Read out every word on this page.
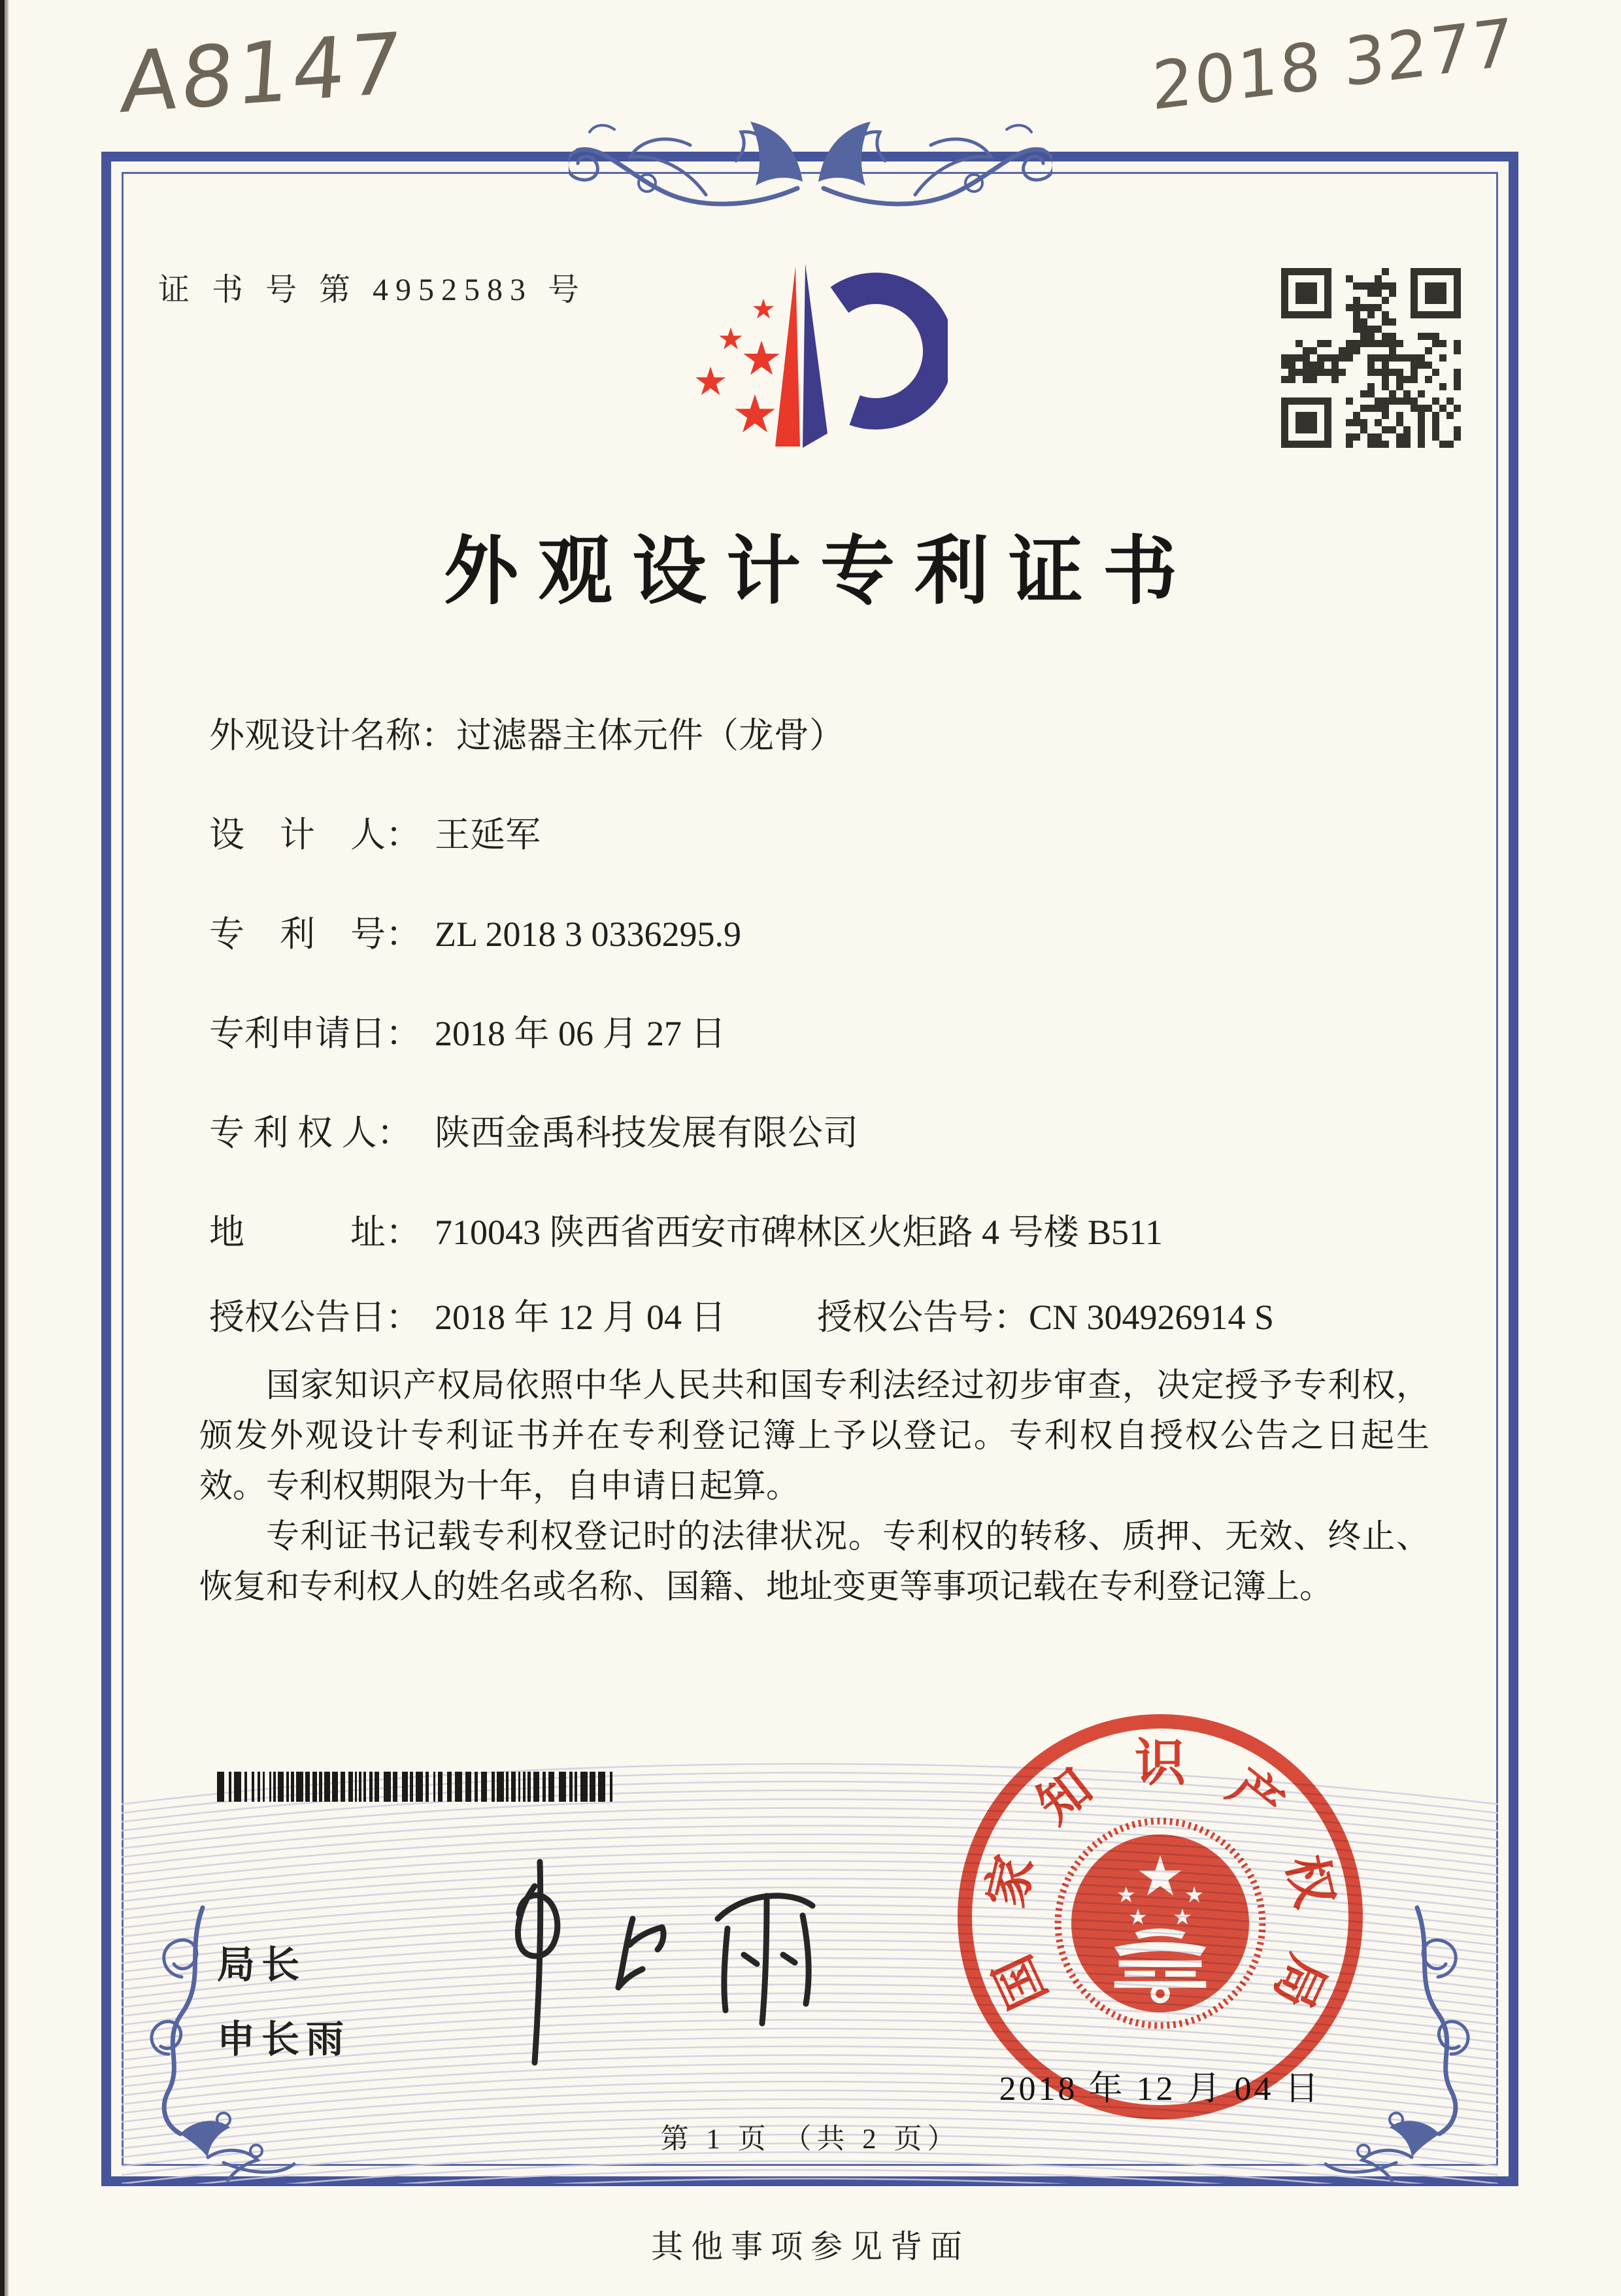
A8147	2018 3277
证 书 号 第 4952583 号
★
★
★
★
★
外观设计专利证书
外观设计名称：过滤器主体元件（龙骨）
设　计　人： 王延军
专　利　号： ZL 2018 3 0336295.9
专利申请日： 2018 年 06 月 27 日
专 利 权 人： 陕西金禹科技发展有限公司
地　　　址： 710043 陕西省西安市碑林区火炬路 4 号楼 B511
授权公告日： 2018 年 12 月 04 日	授权公告号：CN 304926914 S

国家知识产权局依照中华人民共和国专利法经过初步审查，决定授予专利权，颁发外观设计专利证书并在专利登记簿上予以登记。专利权自授权公告之日起生效。专利权期限为十年，自申请日起算。

专利证书记载专利权登记时的法律状况。专利权的转移、质押、无效、终止、恢复和专利权人的姓名或名称、国籍、地址变更等事项记载在专利登记簿上。

局长
申长雨
国
家
知 识 产
权
局
2018 年 12 月 04 日
第 1 页 （共 2 页）
其他事项参见背面
